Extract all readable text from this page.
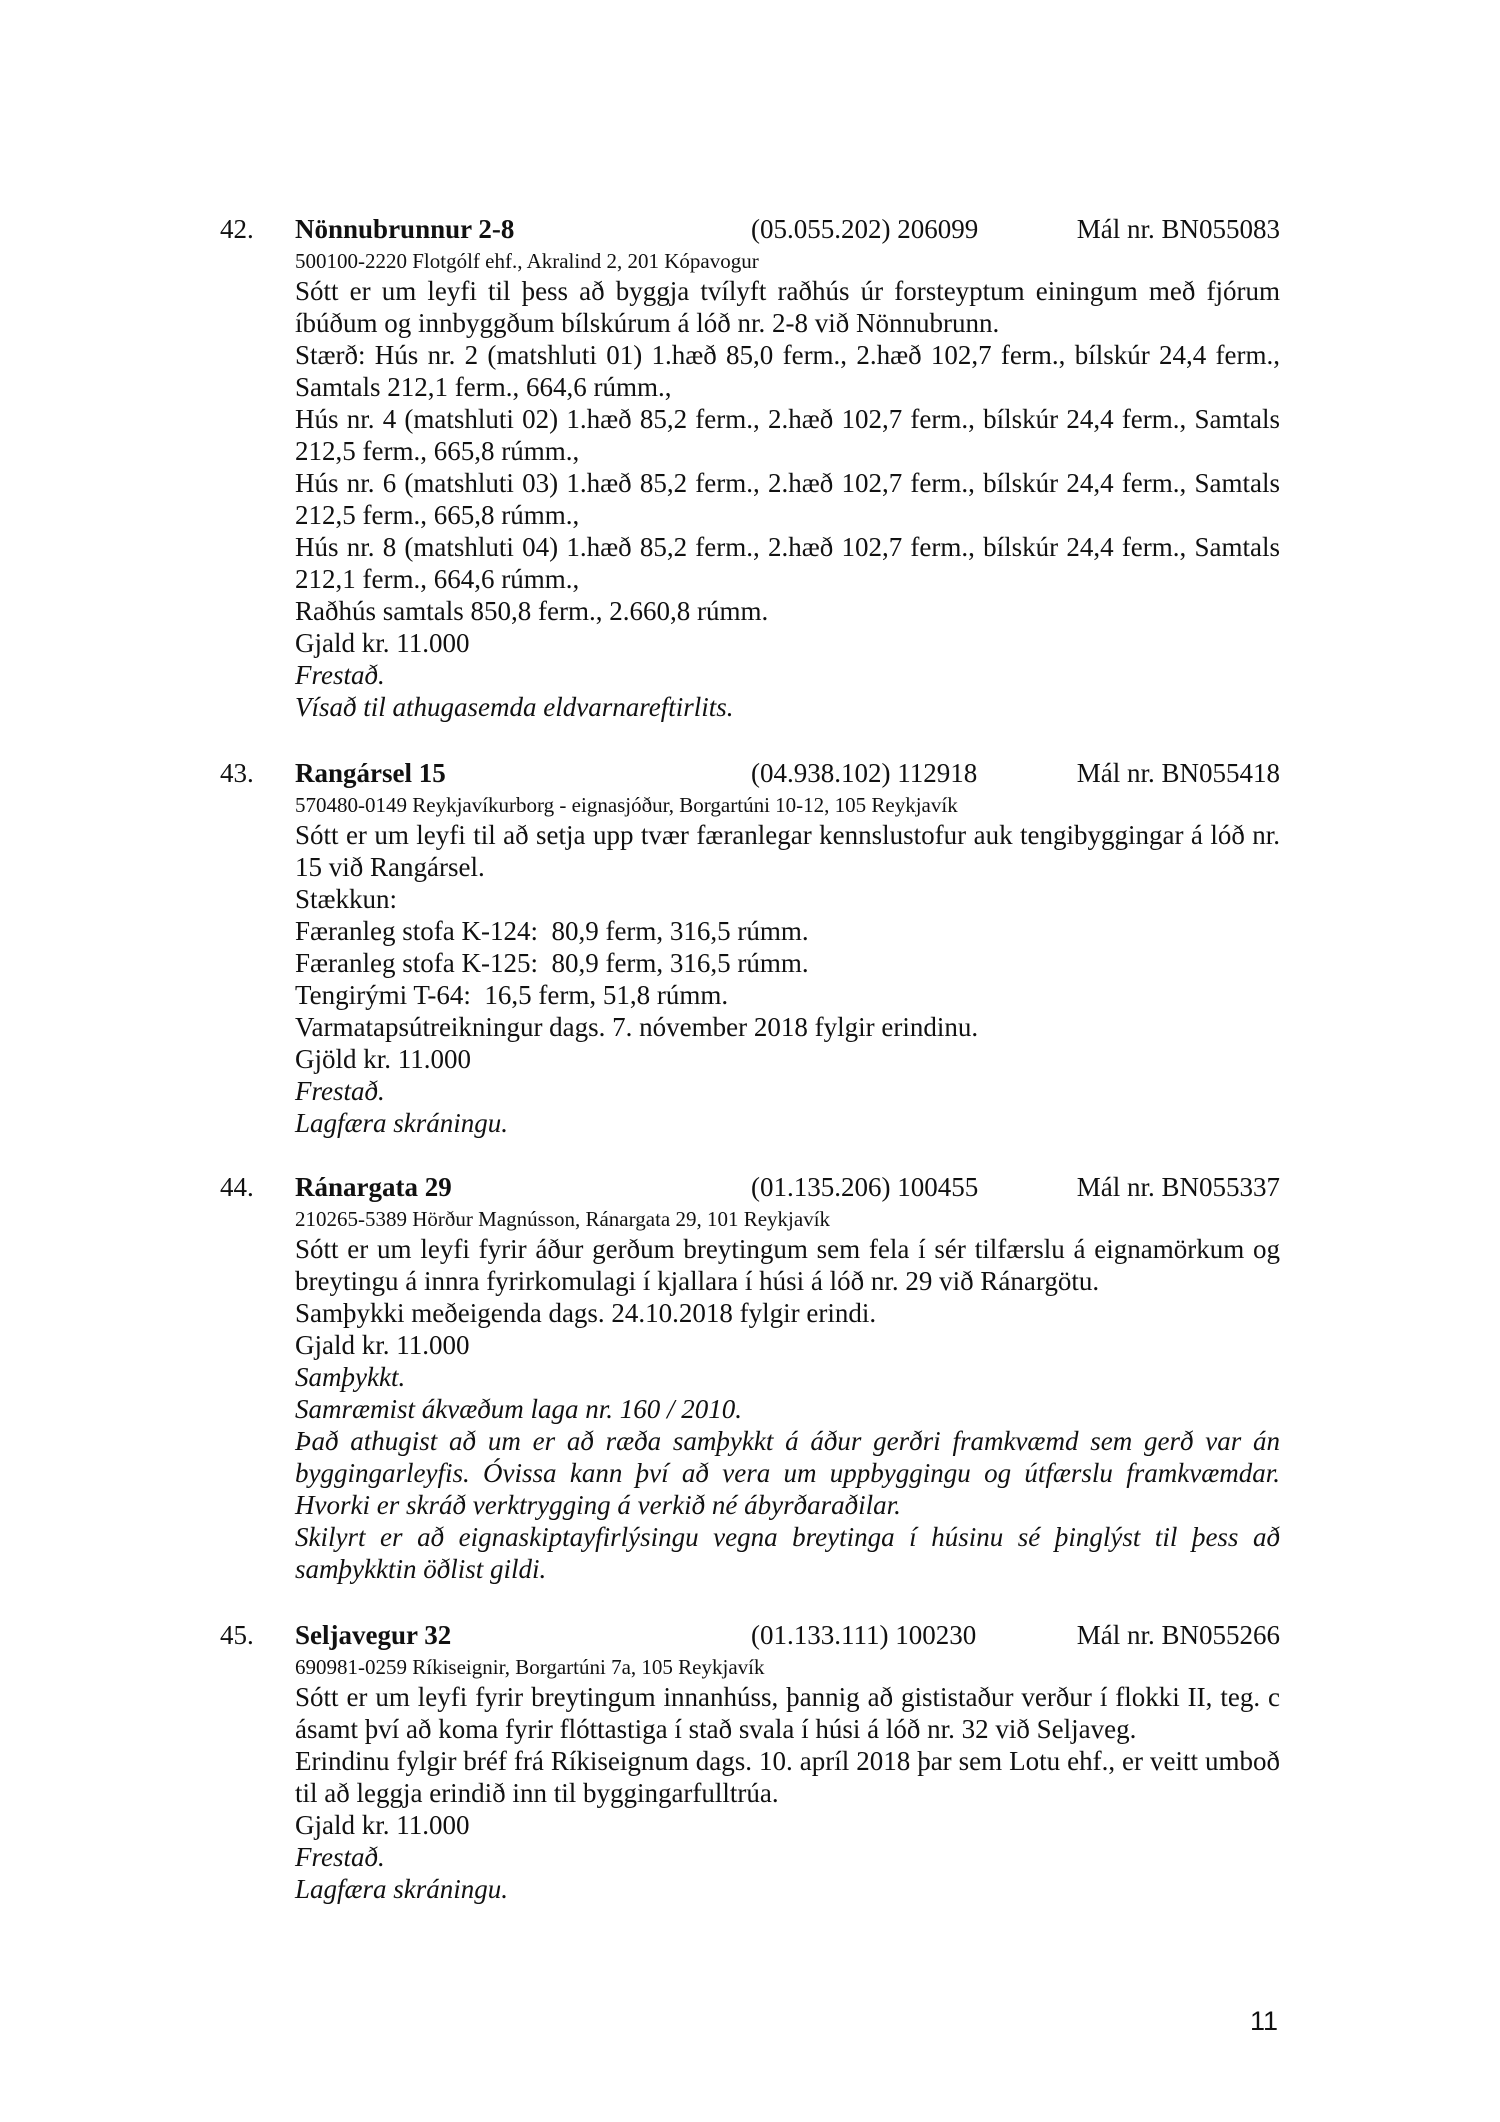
42. Nönnubrunnur 2-8	(05.055.202) 206099	Mál nr. BN055083
500100-2220 Flotgólf ehf., Akralind 2, 201 Kópavogur
Sótt er um leyfi til þess að byggja tvílyft raðhús úr forsteyptum einingum með fjórum íbúðum og innbyggðum bílskúrum á lóð nr. 2-8 við Nönnubrunn.
Stærð: Hús nr. 2 (matshluti 01) 1.hæð 85,0 ferm., 2.hæð 102,7 ferm., bílskúr 24,4 ferm., Samtals 212,1 ferm., 664,6 rúmm.,
Hús nr. 4 (matshluti 02) 1.hæð 85,2 ferm., 2.hæð 102,7 ferm., bílskúr 24,4 ferm., Samtals 212,5 ferm., 665,8 rúmm.,
Hús nr. 6 (matshluti 03) 1.hæð 85,2 ferm., 2.hæð 102,7 ferm., bílskúr 24,4 ferm., Samtals 212,5 ferm., 665,8 rúmm.,
Hús nr. 8 (matshluti 04) 1.hæð 85,2 ferm., 2.hæð 102,7 ferm., bílskúr 24,4 ferm., Samtals 212,1 ferm., 664,6 rúmm.,
Raðhús samtals 850,8 ferm., 2.660,8 rúmm.
Gjald kr. 11.000
Frestað.
Vísað til athugasemda eldvarnareftirlits.
43. Rangársel 15	(04.938.102) 112918	Mál nr. BN055418
570480-0149 Reykjavíkurborg - eignasjóður, Borgartúni 10-12, 105 Reykjavík
Sótt er um leyfi til að setja upp tvær færanlegar kennslustofur auk tengibyggingar á lóð nr. 15 við Rangársel.
Stækkun:
Færanleg stofa K-124:  80,9 ferm, 316,5 rúmm.
Færanleg stofa K-125:  80,9 ferm, 316,5 rúmm.
Tengirými T-64:  16,5 ferm, 51,8 rúmm.
Varmatapsútreikningur dags. 7. nóvember 2018 fylgir erindinu.
Gjöld kr. 11.000
Frestað.
Lagfæra skráningu.
44. Ránargata 29	(01.135.206) 100455	Mál nr. BN055337
210265-5389 Hörður Magnússon, Ránargata 29, 101 Reykjavík
Sótt er um leyfi fyrir áður gerðum breytingum sem fela í sér tilfærslu á eignamörkum og breytingu á innra fyrirkomulagi í kjallara í húsi á lóð nr. 29 við Ránargötu.
Samþykki meðeigenda dags. 24.10.2018 fylgir erindi.
Gjald kr. 11.000
Samþykkt.
Samræmist ákvæðum laga nr. 160 / 2010.
Það athugist að um er að ræða samþykkt á áður gerðri framkvæmd sem gerð var án byggingarleyfis. Óvissa kann því að vera um uppbyggingu og útfærslu framkvæmdar. Hvorki er skráð verktrygging á verkið né ábyrðaraðilar.
Skilyrt er að eignaskiptayfirlýsingu vegna breytinga í húsinu sé þinglýst til þess að samþykktin öðlist gildi.
45. Seljavegur 32	(01.133.111) 100230	Mál nr. BN055266
690981-0259 Ríkiseignir, Borgartúni 7a, 105 Reykjavík
Sótt er um leyfi fyrir breytingum innanhúss, þannig að gististaður verður í flokki II, teg. c ásamt því að koma fyrir flóttastiga í stað svala í húsi á lóð nr. 32 við Seljaveg.
Erindinu fylgir bréf frá Ríkiseignum dags. 10. apríl 2018 þar sem Lotu ehf., er veitt umboð til að leggja erindið inn til byggingarfulltrúa.
Gjald kr. 11.000
Frestað.
Lagfæra skráningu.
11
